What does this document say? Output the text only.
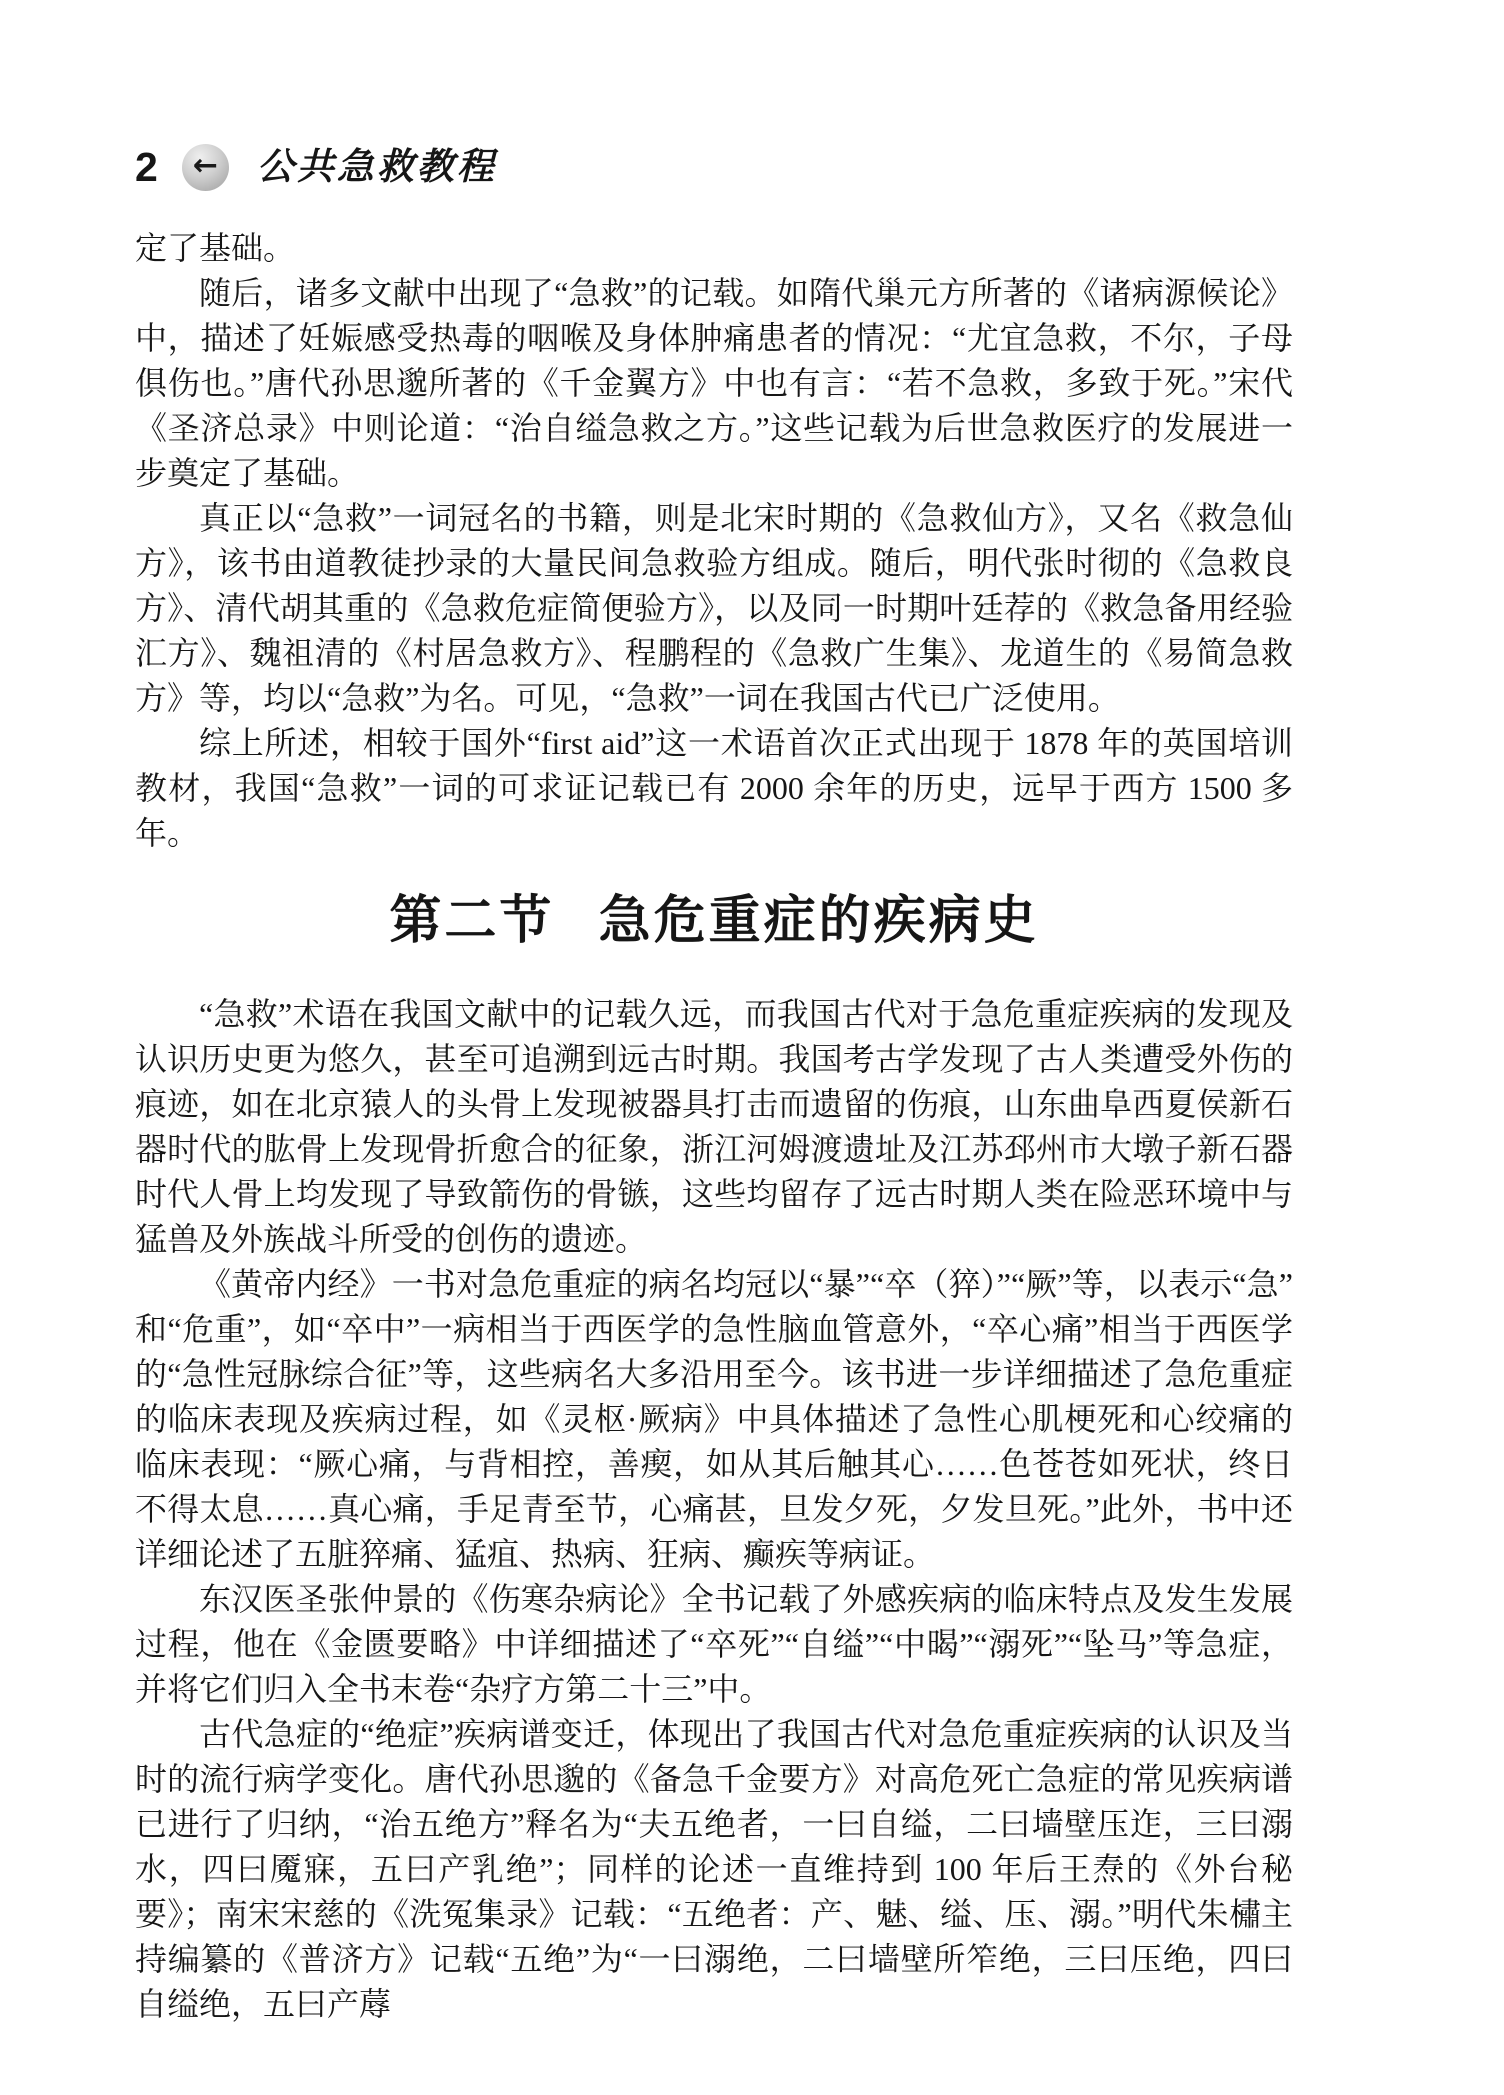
2 ← 公共急救教程

定了基础。

随后，诸多文献中出现了“急救”的记载。如隋代巢元方所著的《诸病源候论》中，描述了妊娠感受热毒的咽喉及身体肿痛患者的情况：“尤宜急救，不尔，子母俱伤也。”唐代孙思邈所著的《千金翼方》中也有言：“若不急救，多致于死。”宋代《圣济总录》中则论道：“治自缢急救之方。”这些记载为后世急救医疗的发展进一步奠定了基础。

真正以“急救”一词冠名的书籍，则是北宋时期的《急救仙方》，又名《救急仙方》，该书由道教徒抄录的大量民间急救验方组成。随后，明代张时彻的《急救良方》、清代胡其重的《急救危症简便验方》，以及同一时期叶廷荐的《救急备用经验汇方》、魏祖清的《村居急救方》、程鹏程的《急救广生集》、龙道生的《易简急救方》等，均以“急救”为名。可见，“急救”一词在我国古代已广泛使用。

综上所述，相较于国外“first aid”这一术语首次正式出现于 1878 年的英国培训教材，我国“急救”一词的可求证记载已有 2000 余年的历史，远早于西方 1500 多年。

第二节 急危重症的疾病史

“急救”术语在我国文献中的记载久远，而我国古代对于急危重症疾病的发现及认识历史更为悠久，甚至可追溯到远古时期。我国考古学发现了古人类遭受外伤的痕迹，如在北京猿人的头骨上发现被器具打击而遗留的伤痕，山东曲阜西夏侯新石器时代的肱骨上发现骨折愈合的征象，浙江河姆渡遗址及江苏邳州市大墩子新石器时代人骨上均发现了导致箭伤的骨镞，这些均留存了远古时期人类在险恶环境中与猛兽及外族战斗所受的创伤的遗迹。

《黄帝内经》一书对急危重症的病名均冠以“暴”“卒（猝）”“厥”等，以表示“急”和“危重”，如“卒中”一病相当于西医学的急性脑血管意外，“卒心痛”相当于西医学的“急性冠脉综合征”等，这些病名大多沿用至今。该书进一步详细描述了急危重症的临床表现及疾病过程，如《灵枢·厥病》中具体描述了急性心肌梗死和心绞痛的临床表现：“厥心痛，与背相控，善瘈，如从其后触其心……色苍苍如死状，终日不得太息……真心痛，手足青至节，心痛甚，旦发夕死，夕发旦死。”此外，书中还详细论述了五脏猝痛、猛疽、热病、狂病、癫疾等病证。

东汉医圣张仲景的《伤寒杂病论》全书记载了外感疾病的临床特点及发生发展过程，他在《金匮要略》中详细描述了“卒死”“自缢”“中暍”“溺死”“坠马”等急症，并将它们归入全书末卷“杂疗方第二十三”中。

古代急症的“绝症”疾病谱变迁，体现出了我国古代对急危重症疾病的认识及当时的流行病学变化。唐代孙思邈的《备急千金要方》对高危死亡急症的常见疾病谱已进行了归纳，“治五绝方”释名为“夫五绝者，一曰自缢，二曰墙壁压迮，三曰溺水，四曰魇寐，五曰产乳绝”；同样的论述一直维持到 100 年后王焘的《外台秘要》；南宋宋慈的《洗冤集录》记载：“五绝者：产、魅、缢、压、溺。”明代朱橚主持编纂的《普济方》记载“五绝”为“一曰溺绝，二曰墙壁所笮绝，三曰压绝，四曰自缢绝，五曰产蓐
